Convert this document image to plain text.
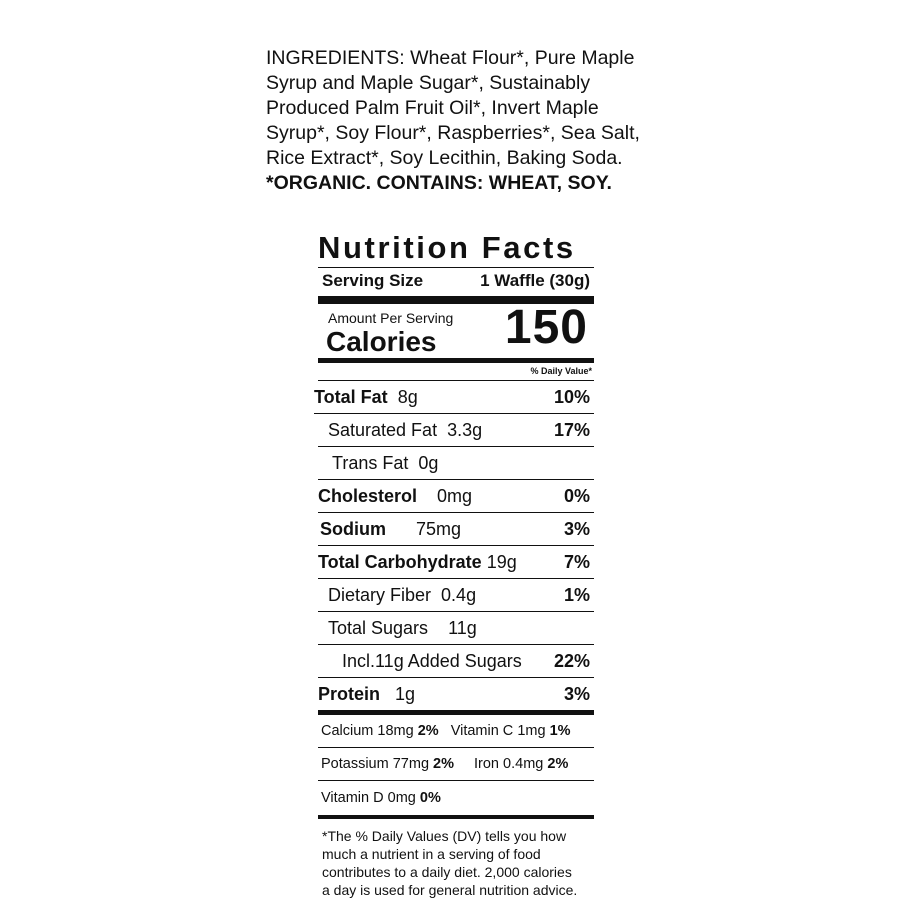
INGREDIENTS: Wheat Flour*, Pure Maple
Syrup and Maple Sugar*, Sustainably
Produced Palm Fruit Oil*, Invert Maple
Syrup*, Soy Flour*, Raspberries*, Sea Salt,
Rice Extract*, Soy Lecithin, Baking Soda.
*ORGANIC. CONTAINS: WHEAT, SOY.
Nutrition Facts
Serving Size	1 Waffle (30g)
Amount Per Serving
Calories 150
% Daily Value*
Total Fat 8g	10%
Saturated Fat 3.3g	17%
Trans Fat 0g
Cholesterol 0mg	0%
Sodium 75mg	3%
Total Carbohydrate 19g	7%
Dietary Fiber 0.4g	1%
Total Sugars 11g
Incl.11g Added Sugars 22%
Protein 1g	3%
Calcium 18mg 2% Vitamin C 1mg 1%
Potassium 77mg 2% Iron 0.4mg 2%
Vitamin D 0mg 0%
*The % Daily Values (DV) tells you how
much a nutrient in a serving of food
contributes to a daily diet. 2,000 calories
a day is used for general nutrition advice.
